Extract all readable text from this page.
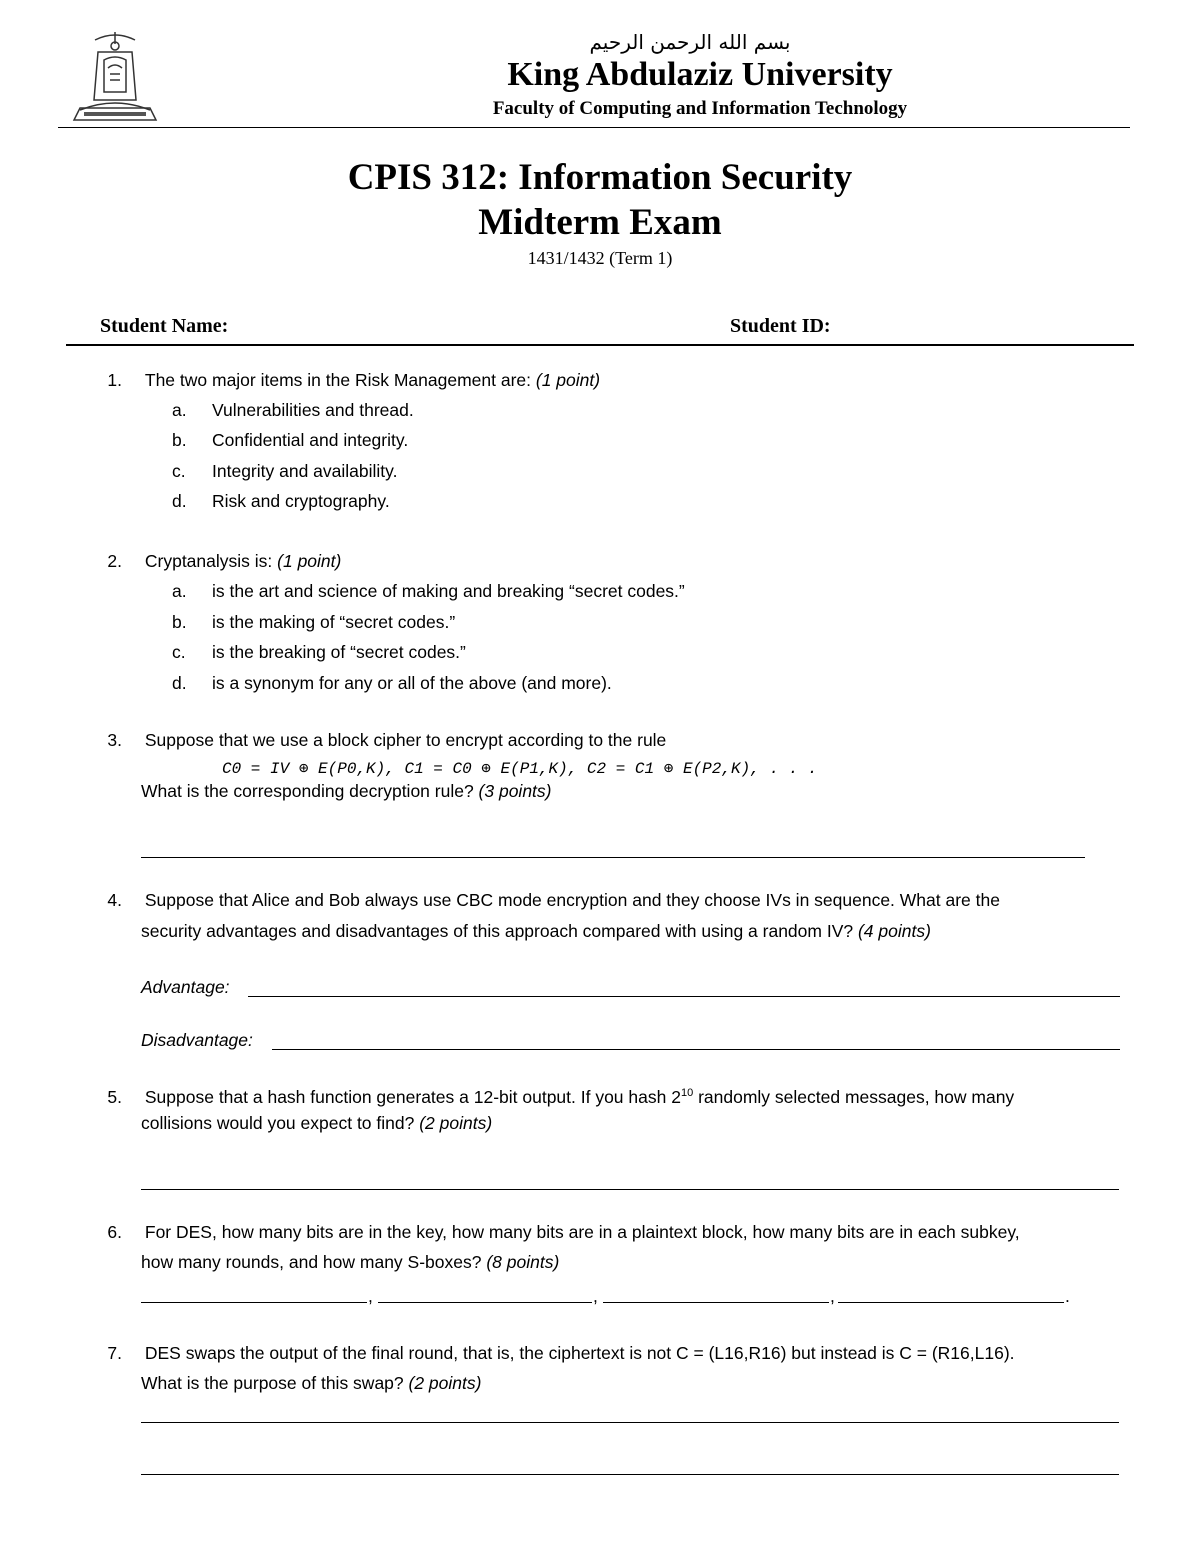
بسم الله الرحمن الرحيم
King Abdulaziz University
Faculty of Computing and Information Technology
CPIS 312: Information Security
Midterm Exam
1431/1432 (Term 1)
Student Name:	Student ID:
1. The two major items in the Risk Management are: (1 point)
a. Vulnerabilities and thread.
b. Confidential and integrity.
c. Integrity and availability.
d. Risk and cryptography.
2. Cryptanalysis is: (1 point)
a. is the art and science of making and breaking “secret codes.”
b. is the making of “secret codes.”
c. is the breaking of “secret codes.”
d. is a synonym for any or all of the above (and more).
3. Suppose that we use a block cipher to encrypt according to the rule
C0 = IV ⊕ E(P0,K), C1 = C0 ⊕ E(P1,K), C2 = C1 ⊕ E(P2,K), . . .
What is the corresponding decryption rule? (3 points)
4. Suppose that Alice and Bob always use CBC mode encryption and they choose IVs in sequence. What are the
security advantages and disadvantages of this approach compared with using a random IV? (4 points)
Advantage:
Disadvantage:
5. Suppose that a hash function generates a 12-bit output. If you hash $2^{10}$ randomly selected messages, how many
collisions would you expect to find? (2 points)
6. For DES, how many bits are in the key, how many bits are in a plaintext block, how many bits are in each subkey,
how many rounds, and how many S-boxes? (8 points)
,	,	,	.
7. DES swaps the output of the final round, that is, the ciphertext is not C = (L16,R16) but instead is C = (R16,L16).
What is the purpose of this swap? (2 points)
